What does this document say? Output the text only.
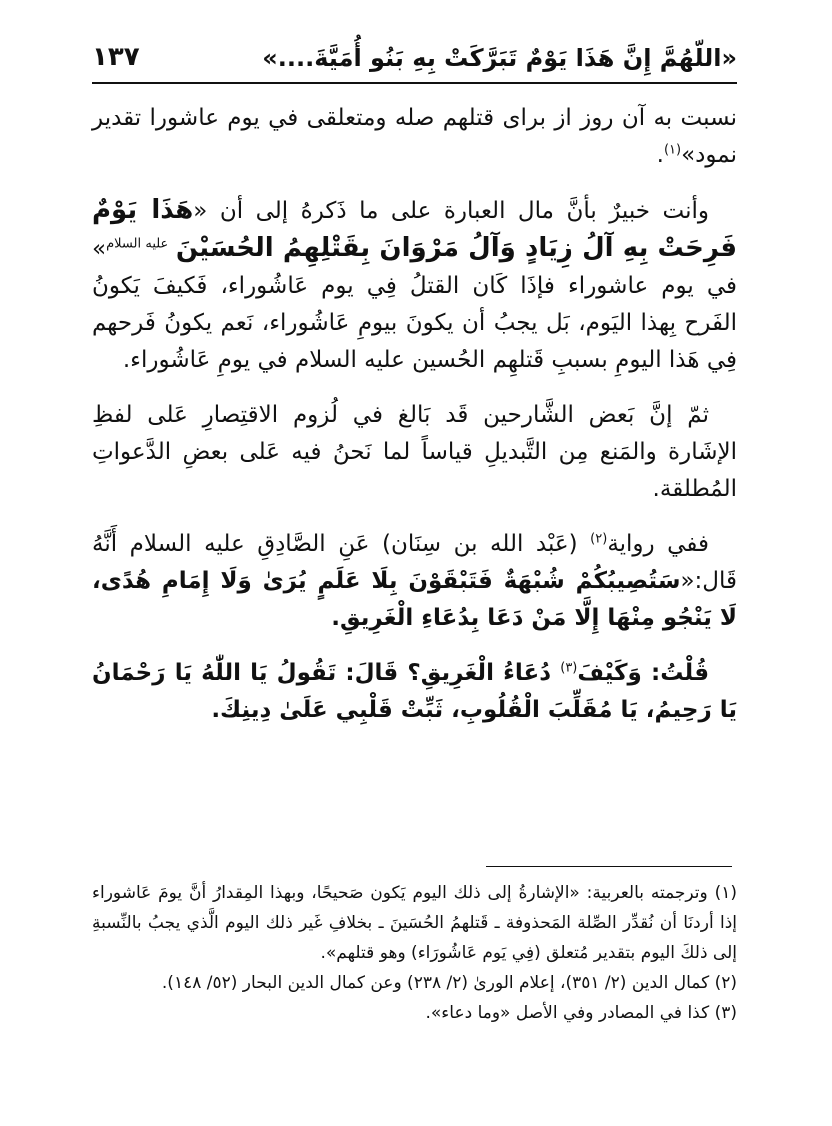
«اللّهُمَّ إِنَّ هَذَا يَوْمٌ تَبَرَّكَتْ بِهِ بَنُو أُمَيَّةَ....»
١٣٧

نسبت به آن روز از براى قتلهم صله ومتعلقى في يوم عاشورا تقدير نمود»$^{(١)}$.

وأنت خبيرٌ بأنَّ مال العبارة على ما ذَكرهُ إلى أن «هَذَا يَوْمٌ فَرِحَتْ بِهِ آلُ زِيَادٍ وَآلُ مَرْوَانَ بِقَتْلِهِمُ الحُسَيْنَ $^{عليه السلام}$» في يوم عاشوراء فإذَا كَان القتلُ فِي يوم عَاشُوراء، فَكيفَ يَكونُ الفَرح بِهذا اليَوم، بَل يجبُ أن يكونَ بيومِ عَاشُوراء، نَعم يكونُ فَرحهم فِي هَذا اليومِ بسببِ قَتلهِم الحُسين عليه السلام في يومِ عَاشُوراء.

ثمّ إنَّ بَعض الشَّارحين قَد بَالغ في لُزوم الاقتِصارِ عَلى لفظِ الإشَارة والمَنع مِن التَّبديلِ قياساً لما نَحنُ فيه عَلى بعضِ الدَّعواتِ المُطلقة.

ففي رواية$^{(٢)}$ (عَبْد الله بن سِنَان) عَنِ الصَّادِقِ عليه السلام أَنَّهُ قَال:«سَتُصِيبُكُمْ شُبْهَةٌ فَتَبْقَوْنَ بِلَا عَلَمٍ يُرَىٰ وَلَا إِمَامِ هُدًى، لَا يَنْجُو مِنْهَا إِلَّا مَنْ دَعَا بِدُعَاءِ الْغَرِيقِ.

قُلْتُ: وَكَيْفَ$^{(٣)}$ دُعَاءُ الْغَرِيقِ؟ قَالَ: تَقُولُ يَا اللّٰهُ يَا رَحْمَانُ يَا رَحِيمُ، يَا مُقَلِّبَ الْقُلُوبِ، ثَبِّتْ قَلْبِي عَلَىٰ دِينِكَ.

(١) وترجمته بالعربية: «الإشارةُ إلى ذلك اليوم يَكون صَحيحًا، وبهذا المِقدارُ أنَّ يومَ عَاشوراء إذا أردنَا أن نُقدِّر الصِّلة المَحذوفة ـ قَتلهمُ الحُسَينَ ـ بخلافِ غَير ذلك اليوم الَّذي يجبُ بالنِّسبةِ إلى ذلكَ اليوم بتقدير مُتعلق (فِي يَوم عَاشُورَاء) وهو قتلهم».

(٢) كمال الدين (٢/ ٣٥١)، إعلام الورىٰ (٢/ ٢٣٨) وعن كمال الدين البحار (٥٢/ ١٤٨).

(٣) كذا في المصادر وفي الأصل «وما دعاء».
